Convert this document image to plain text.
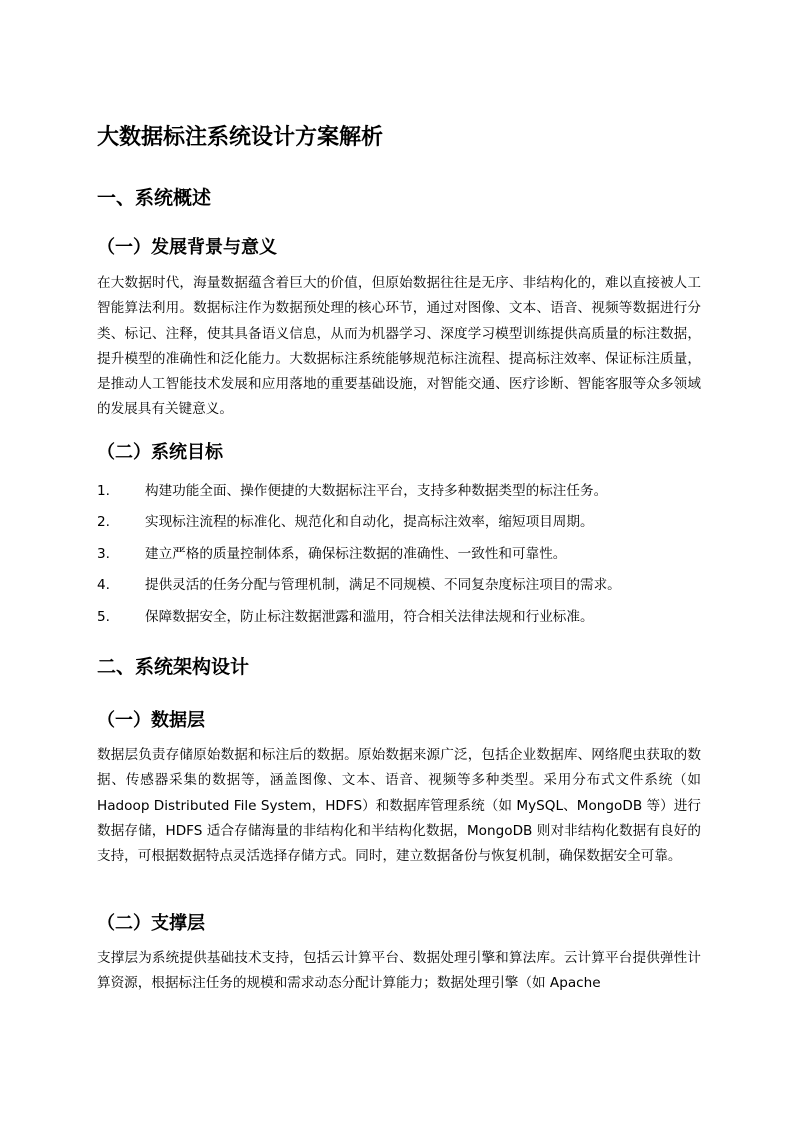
大数据标注系统设计方案解析
一、系统概述
（一）发展背景与意义
在大数据时代，海量数据蕴含着巨大的价值，但原始数据往往是无序、非结构化的，难以直接被人工智能算法利用。数据标注作为数据预处理的核心环节，通过对图像、文本、语音、视频等数据进行分类、标记、注释，使其具备语义信息，从而为机器学习、深度学习模型训练提供高质量的标注数据，提升模型的准确性和泛化能力。大数据标注系统能够规范标注流程、提高标注效率、保证标注质量，是推动人工智能技术发展和应用落地的重要基础设施，对智能交通、医疗诊断、智能客服等众多领域的发展具有关键意义。
（二）系统目标
1.	构建功能全面、操作便捷的大数据标注平台，支持多种数据类型的标注任务。
2.	实现标注流程的标准化、规范化和自动化，提高标注效率，缩短项目周期。
3.	建立严格的质量控制体系，确保标注数据的准确性、一致性和可靠性。
4.	提供灵活的任务分配与管理机制，满足不同规模、不同复杂度标注项目的需求。
5.	保障数据安全，防止标注数据泄露和滥用，符合相关法律法规和行业标准。
二、系统架构设计
（一）数据层
数据层负责存储原始数据和标注后的数据。原始数据来源广泛，包括企业数据库、网络爬虫获取的数据、传感器采集的数据等，涵盖图像、文本、语音、视频等多种类型。采用分布式文件系统（如 Hadoop Distributed File System，HDFS）和数据库管理系统（如 MySQL、MongoDB 等）进行数据存储，HDFS 适合存储海量的非结构化和半结构化数据，MongoDB 则对非结构化数据有良好的支持，可根据数据特点灵活选择存储方式。同时，建立数据备份与恢复机制，确保数据安全可靠。
（二）支撑层
支撑层为系统提供基础技术支持，包括云计算平台、数据处理引擎和算法库。云计算平台提供弹性计算资源，根据标注任务的规模和需求动态分配计算能力；数据处理引擎（如 Apache
